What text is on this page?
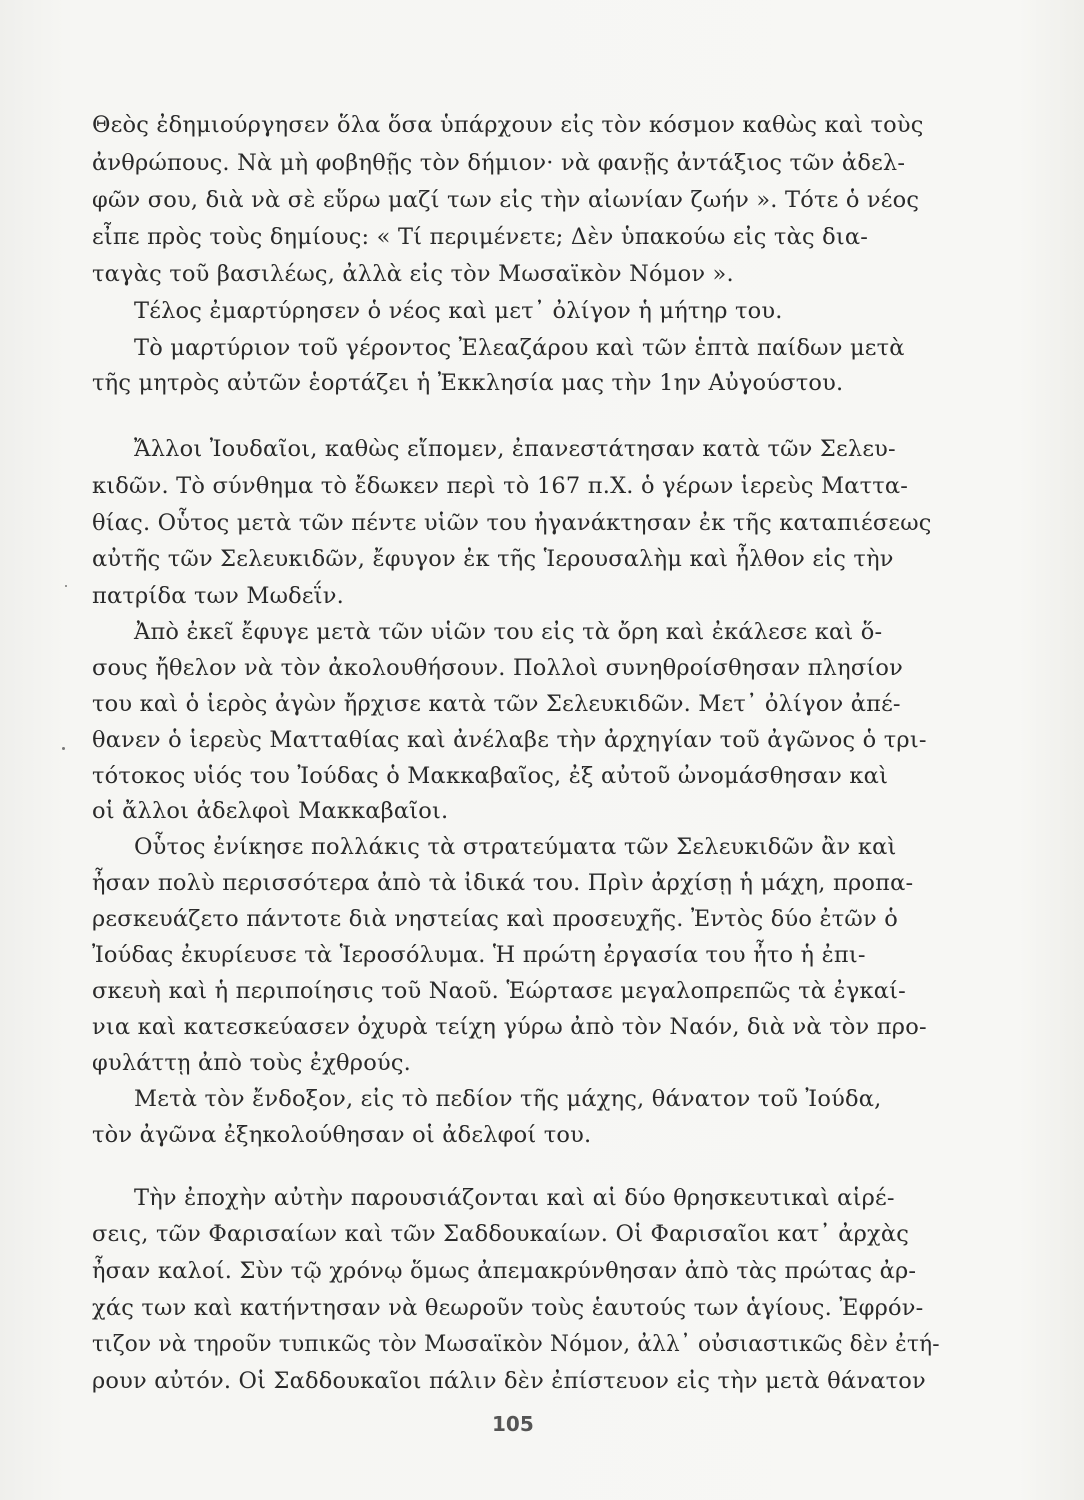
Θεὸς ἐδημιούργησεν ὅλα ὅσα ὑπάρχουν εἰς τὸν κόσμον καθὼς καὶ τοὺς
ἀνθρώπους. Νὰ μὴ φοβηθῇς τὸν δήμιον· νὰ φανῇς ἀντάξιος τῶν ἀδελ-
φῶν σου, διὰ νὰ σὲ εὕρω μαζί των εἰς τὴν αἰωνίαν ζωήν ». Τότε ὁ νέος
εἶπε πρὸς τοὺς δημίους: « Τί περιμένετε; Δὲν ὑπακούω εἰς τὰς δια-
ταγὰς τοῦ βασιλέως, ἀλλὰ εἰς τὸν Μωσαϊκὸν Νόμον ».
Τέλος ἐμαρτύρησεν ὁ νέος καὶ μετ᾽ ὀλίγον ἡ μήτηρ του.
Τὸ μαρτύριον τοῦ γέροντος Ἐλεαζάρου καὶ τῶν ἑπτὰ παίδων μετὰ
τῆς μητρὸς αὐτῶν ἑορτάζει ἡ Ἐκκλησία μας τὴν 1ην Αὐγούστου.
Ἄλλοι Ἰουδαῖοι, καθὼς εἴπομεν, ἐπανεστάτησαν κατὰ τῶν Σελευ-
κιδῶν. Τὸ σύνθημα τὸ ἔδωκεν περὶ τὸ 167 π.Χ. ὁ γέρων ἱερεὺς Ματτα-
θίας. Οὗτος μετὰ τῶν πέντε υἱῶν του ἠγανάκτησαν ἐκ τῆς καταπιέσεως
αὐτῆς τῶν Σελευκιδῶν, ἔφυγον ἐκ τῆς Ἱερουσαλὴμ καὶ ἦλθον εἰς τὴν
πατρίδα των Μωδεΐν.
Ἀπὸ ἐκεῖ ἔφυγε μετὰ τῶν υἱῶν του εἰς τὰ ὄρη καὶ ἐκάλεσε καὶ ὅ-
σους ἤθελον νὰ τὸν ἀκολουθήσουν. Πολλοὶ συνηθροίσθησαν πλησίον
του καὶ ὁ ἱερὸς ἀγὼν ἤρχισε κατὰ τῶν Σελευκιδῶν. Μετ᾽ ὀλίγον ἀπέ-
θανεν ὁ ἱερεὺς Ματταθίας καὶ ἀνέλαβε τὴν ἀρχηγίαν τοῦ ἀγῶνος ὁ τρι-
τότοκος υἱός του Ἰούδας ὁ Μακκαβαῖος, ἐξ αὐτοῦ ὠνομάσθησαν καὶ
οἱ ἄλλοι ἀδελφοὶ Μακκαβαῖοι.
Οὗτος ἐνίκησε πολλάκις τὰ στρατεύματα τῶν Σελευκιδῶν ἂν καὶ
ἦσαν πολὺ περισσότερα ἀπὸ τὰ ἰδικά του. Πρὶν ἀρχίσῃ ἡ μάχη, προπα-
ρεσκευάζετο πάντοτε διὰ νηστείας καὶ προσευχῆς. Ἐντὸς δύο ἐτῶν ὁ
Ἰούδας ἐκυρίευσε τὰ Ἱεροσόλυμα. Ἡ πρώτη ἐργασία του ἦτο ἡ ἐπι-
σκευὴ καὶ ἡ περιποίησις τοῦ Ναοῦ. Ἑώρτασε μεγαλοπρεπῶς τὰ ἐγκαί-
νια καὶ κατεσκεύασεν ὀχυρὰ τείχη γύρω ἀπὸ τὸν Ναόν, διὰ νὰ τὸν προ-
φυλάττῃ ἀπὸ τοὺς ἐχθρούς.
Μετὰ τὸν ἔνδοξον, εἰς τὸ πεδίον τῆς μάχης, θάνατον τοῦ Ἰούδα,
τὸν ἀγῶνα ἐξηκολούθησαν οἱ ἀδελφοί του.
Τὴν ἐποχὴν αὐτὴν παρουσιάζονται καὶ αἱ δύο θρησκευτικαὶ αἱρέ-
σεις, τῶν Φαρισαίων καὶ τῶν Σαδδουκαίων. Οἱ Φαρισαῖοι κατ᾽ ἀρχὰς
ἦσαν καλοί. Σὺν τῷ χρόνῳ ὅμως ἀπεμακρύνθησαν ἀπὸ τὰς πρώτας ἀρ-
χάς των καὶ κατήντησαν νὰ θεωροῦν τοὺς ἑαυτούς των ἁγίους. Ἐφρόν-
τιζον νὰ τηροῦν τυπικῶς τὸν Μωσαϊκὸν Νόμον, ἀλλ᾽ οὐσιαστικῶς δὲν ἐτή-
ρουν αὐτόν. Οἱ Σαδδουκαῖοι πάλιν δὲν ἐπίστευον εἰς τὴν μετὰ θάνατον
105
